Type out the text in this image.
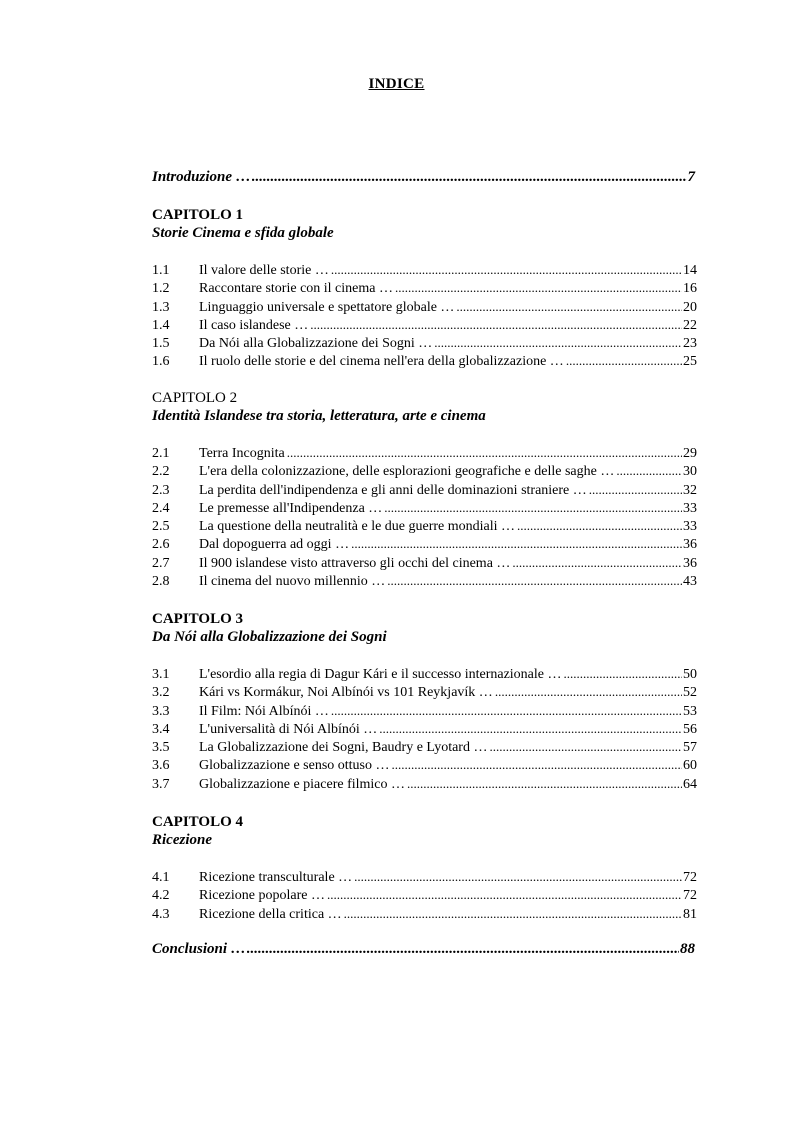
INDICE
Introduzione … .....	7
CAPITOLO 1
Storie Cinema e sfida globale
1.1	Il valore delle storie … .....	14
1.2	Raccontare storie con il cinema … .....	16
1.3	Linguaggio universale e spettatore globale … .....	20
1.4	Il caso islandese … .....	22
1.5	Da Nói alla Globalizzazione dei Sogni … .....	23
1.6	Il ruolo delle storie e del cinema nell'era della globalizzazione … .....	25
CAPITOLO 2
Identità Islandese tra storia, letteratura, arte e cinema
2.1	Terra Incognita .....	29
2.2	L'era della colonizzazione, delle esplorazioni geografiche e delle saghe … .....	30
2.3	La perdita dell'indipendenza e gli anni delle dominazioni straniere … .....	32
2.4	Le premesse all'Indipendenza … .....	33
2.5	La questione della neutralità e le due guerre mondiali … .....	33
2.6	Dal dopoguerra ad oggi … .....	36
2.7	Il 900 islandese visto attraverso gli occhi del cinema … .....	36
2.8	Il cinema del nuovo millennio … .....	43
CAPITOLO 3
Da Nói alla Globalizzazione dei Sogni
3.1	L'esordio alla regia di Dagur Kári e il successo internazionale … .....	50
3.2	Kári vs Kormákur, Noi Albínói vs 101 Reykjavík … .....	52
3.3	Il Film: Nói Albínói … .....	53
3.4	L'universalità di Nói Albínói … .....	56
3.5	La Globalizzazione dei Sogni, Baudry e Lyotard … .....	57
3.6	Globalizzazione e senso ottuso … .....	60
3.7	Globalizzazione e piacere filmico … .....	64
CAPITOLO 4
Ricezione
4.1	Ricezione transculturale … .....	72
4.2	Ricezione popolare … .....	72
4.3	Ricezione della critica … .....	81
Conclusioni … .....	88
